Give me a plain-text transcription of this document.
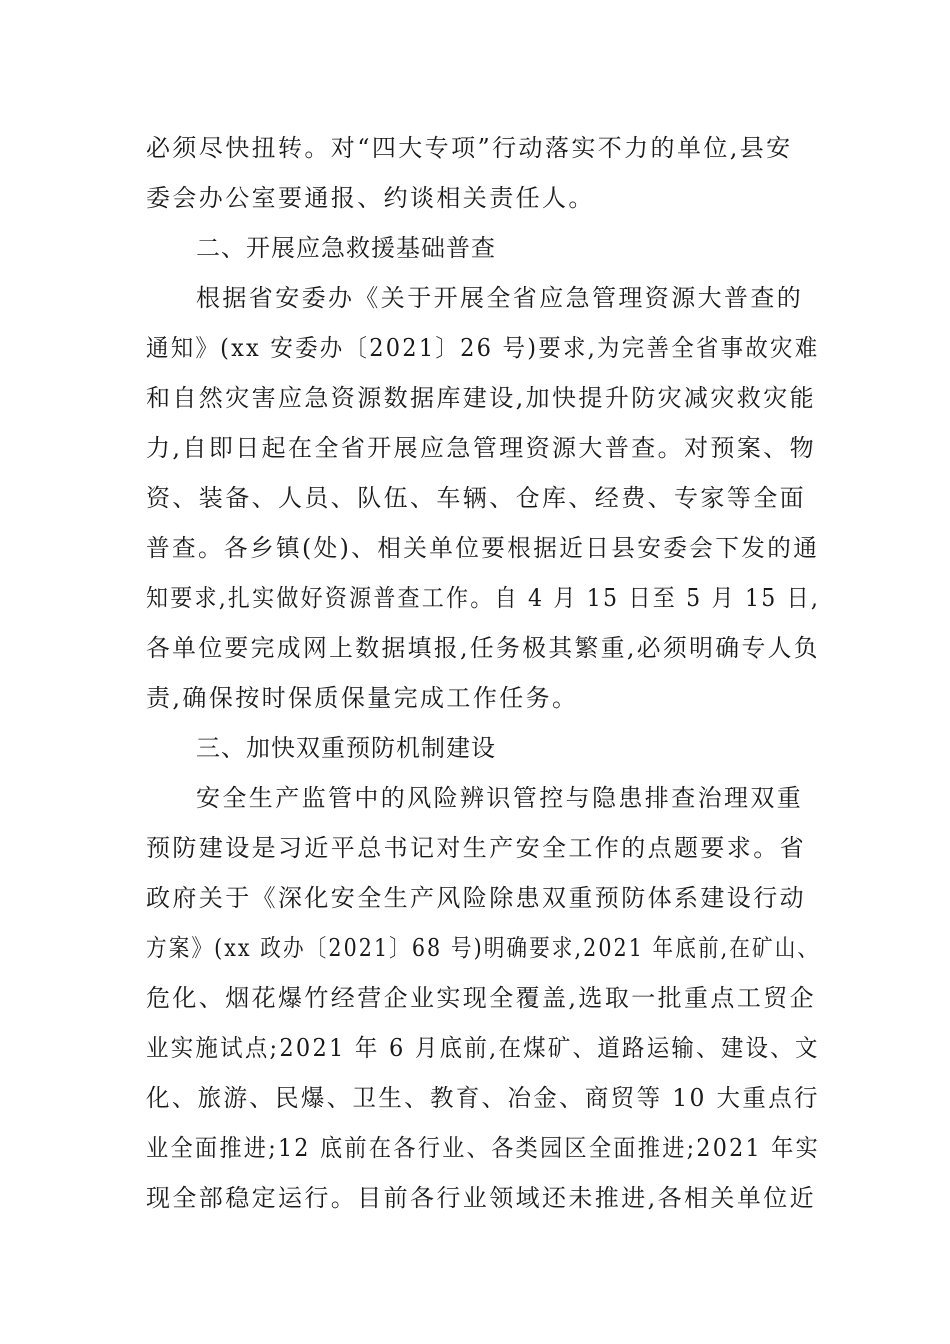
必须尽快扭转。对“四大专项”行动落实不力的单位,县安
委会办公室要通报、约谈相关责任人。
二、开展应急救援基础普查
根据省安委办《关于开展全省应急管理资源大普查的
通知》(xx 安委办〔2021〕26 号)要求,为完善全省事故灾难
和自然灾害应急资源数据库建设,加快提升防灾减灾救灾能
力,自即日起在全省开展应急管理资源大普查。对预案、物
资、装备、人员、队伍、车辆、仓库、经费、专家等全面
普查。各乡镇(处)、相关单位要根据近日县安委会下发的通
知要求,扎实做好资源普查工作。自 4 月 15 日至 5 月 15 日,
各单位要完成网上数据填报,任务极其繁重,必须明确专人负
责,确保按时保质保量完成工作任务。
三、加快双重预防机制建设
安全生产监管中的风险辨识管控与隐患排查治理双重
预防建设是习近平总书记对生产安全工作的点题要求。省
政府关于《深化安全生产风险除患双重预防体系建设行动
方案》(xx 政办〔2021〕68 号)明确要求,2021 年底前,在矿山、
危化、烟花爆竹经营企业实现全覆盖,选取一批重点工贸企
业实施试点;2021 年 6 月底前,在煤矿、道路运输、建设、文
化、旅游、民爆、卫生、教育、冶金、商贸等 10 大重点行
业全面推进;12 底前在各行业、各类园区全面推进;2021 年实
现全部稳定运行。目前各行业领域还未推进,各相关单位近
